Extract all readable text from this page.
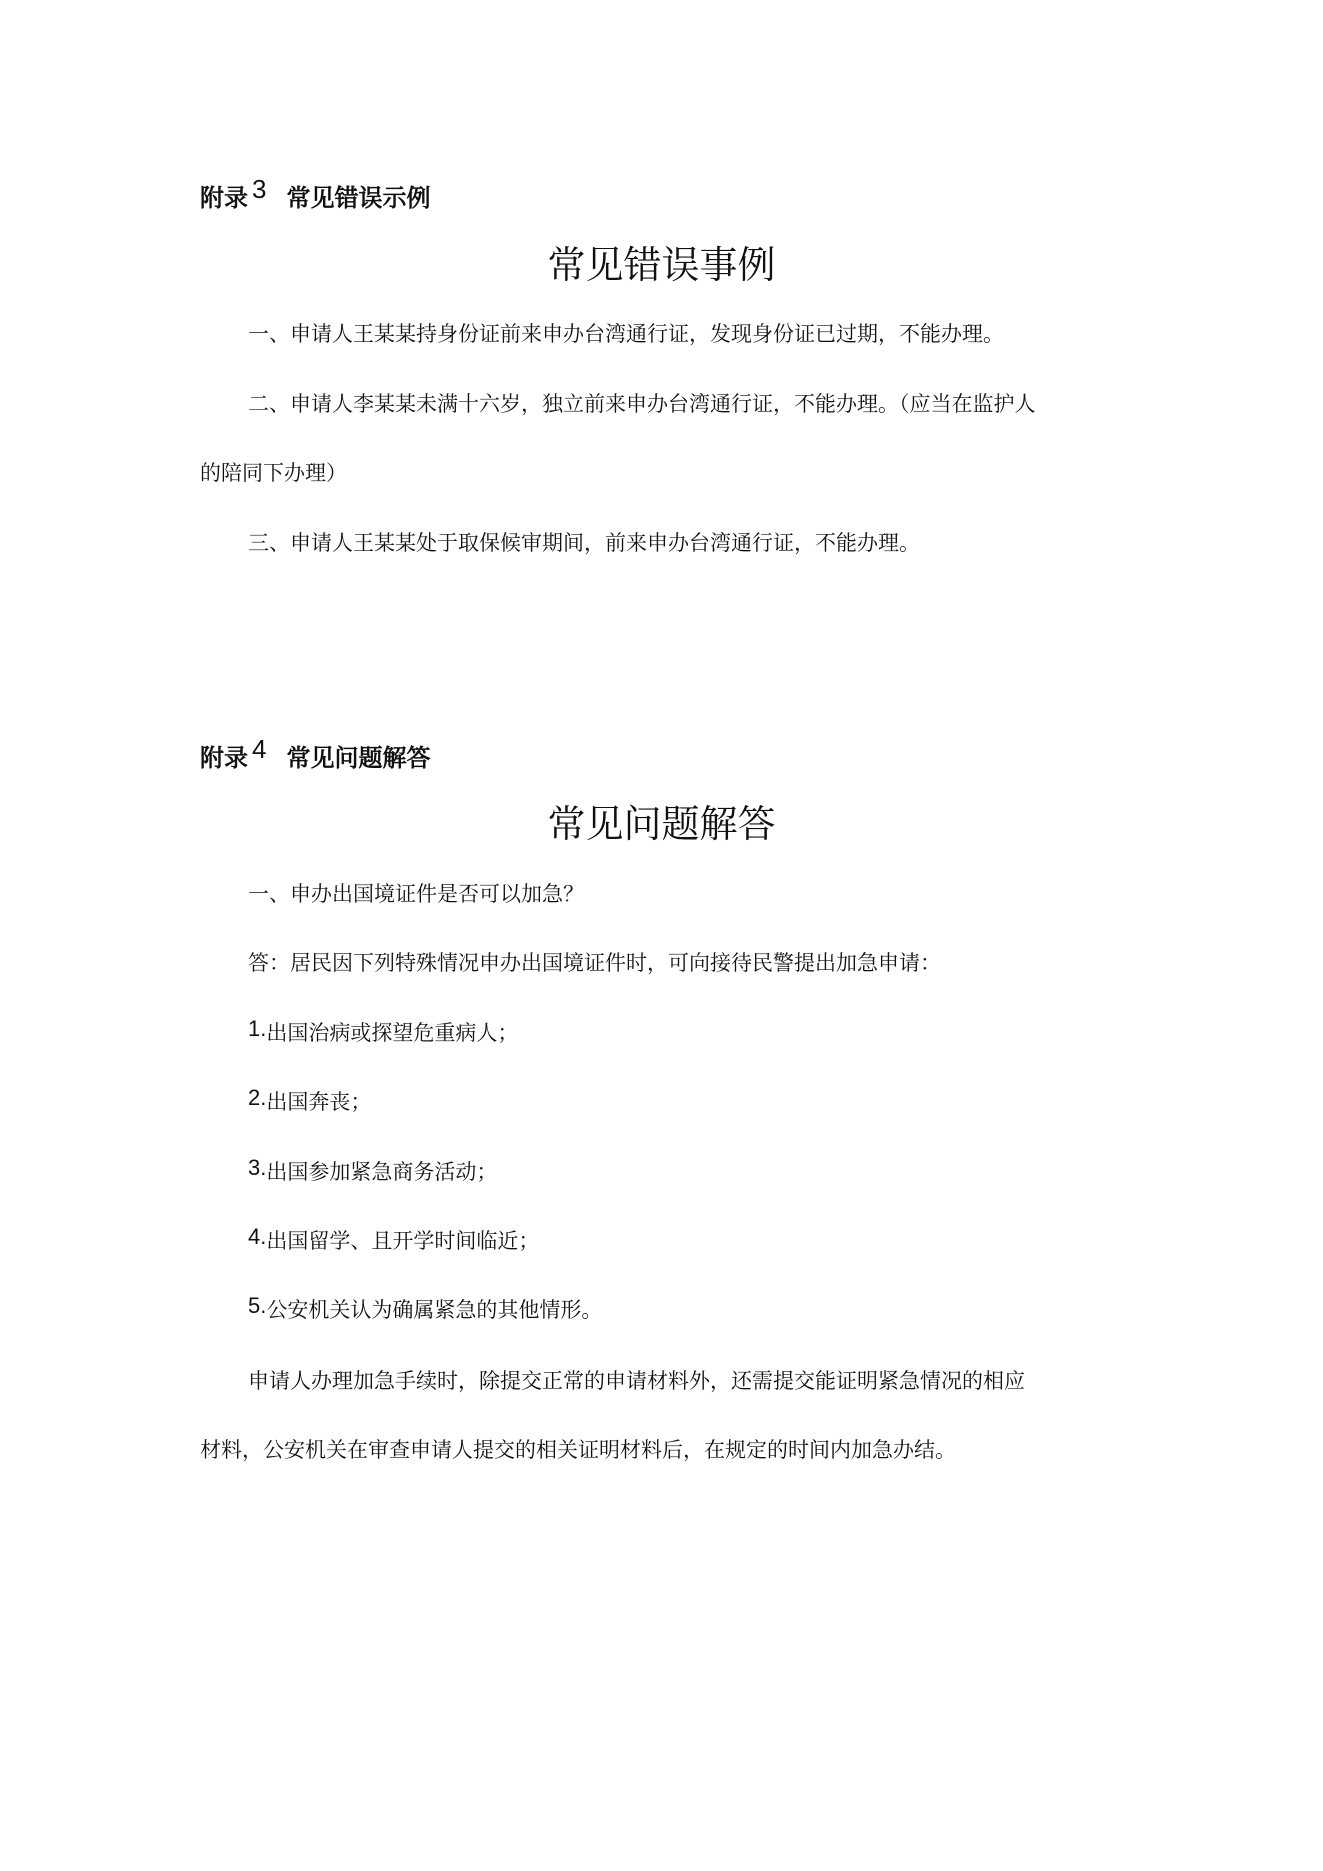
附录 3 常见错误示例
常见错误事例
一、申请人王某某持身份证前来申办台湾通行证，发现身份证已过期，不能办理。
二、申请人李某某未满十六岁，独立前来申办台湾通行证，不能办理。（应当在监护人
的陪同下办理）
三、申请人王某某处于取保候审期间，前来申办台湾通行证，不能办理。
附录 4 常见问题解答
常见问题解答
一、申办出国境证件是否可以加急？
答：居民因下列特殊情况申办出国境证件时，可向接待民警提出加急申请：
1.出国治病或探望危重病人；
2.出国奔丧；
3.出国参加紧急商务活动；
4.出国留学、且开学时间临近；
5.公安机关认为确属紧急的其他情形。
申请人办理加急手续时，除提交正常的申请材料外，还需提交能证明紧急情况的相应
材料，公安机关在审查申请人提交的相关证明材料后，在规定的时间内加急办结。
